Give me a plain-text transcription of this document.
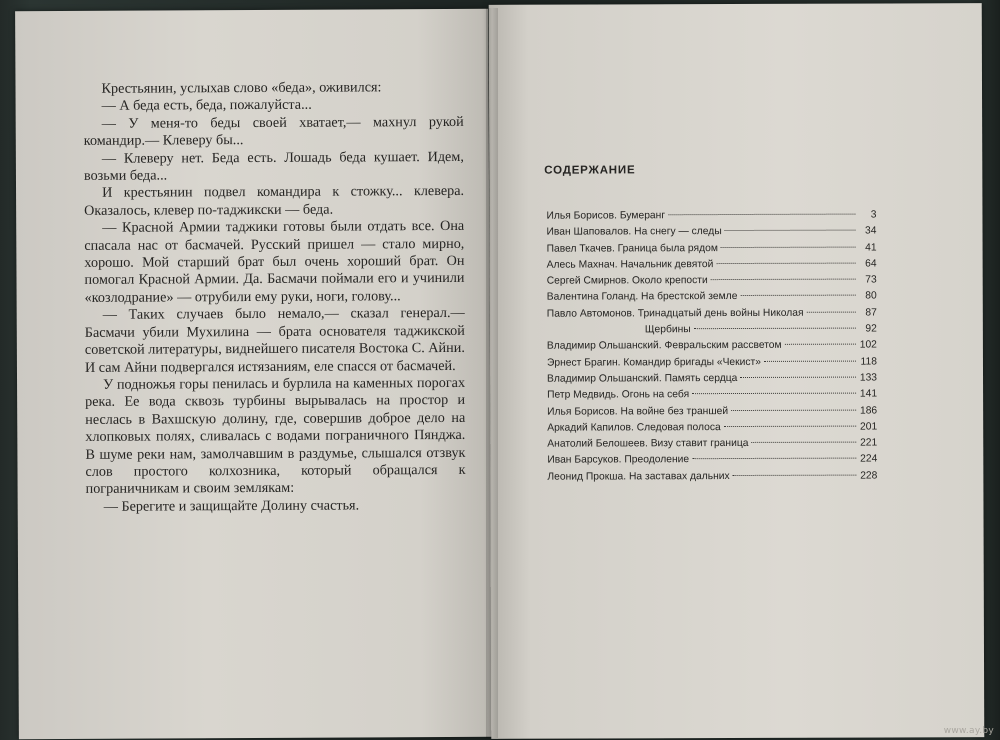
Крестьянин, услыхав слово «беда», оживился:

— А беда есть, беда, пожалуйста...

— У меня-то беды своей хватает,— махнул рукой командир.— Клеверу бы...

— Клеверу нет. Беда есть. Лошадь беда кушает. Идем, возьми беда...

И крестьянин подвел командира к стожку... клевера. Оказалось, клевер по-таджикски — беда.

— Красной Армии таджики готовы были отдать все. Она спасала нас от басмачей. Русский пришел — стало мирно, хорошо. Мой старший брат был очень хороший брат. Он помогал Красной Армии. Да. Басмачи поймали его и учинили «козлодрание» — отрубили ему руки, ноги, голову...

— Таких случаев было немало,— сказал генерал.— Басмачи убили Мухилина — брата основателя таджикской советской литературы, виднейшего писателя Востока С. Айни. И сам Айни подвергался истязаниям, еле спасся от басмачей.

У подножья горы пенилась и бурлила на каменных порогах река. Ее вода сквозь турбины вырывалась на простор и неслась в Вахшскую долину, где, совершив доброе дело на хлопковых полях, сливалась с водами пограничного Пянджа. В шуме реки нам, замолчавшим в раздумье, слышался отзвук слов простого колхозника, который обращался к пограничникам и своим землякам:

— Берегите и защищайте Долину счастья.

СОДЕРЖАНИЕ
Илья Борисов. Бумеранг	3
Иван Шаповалов. На снегу — следы	34
Павел Ткачев. Граница была рядом	41
Алесь Махнач. Начальник девятой	64
Сергей Смирнов. Около крепости	73
Валентина Голанд. На брестской земле	80
Павло Автомонов. Тринадцатый день войны Николая	87
Щербины	92
Владимир Ольшанский. Февральским рассветом	102
Эрнест Брагин. Командир бригады «Чекист»	118
Владимир Ольшанский. Память сердца	133
Петр Медвидь. Огонь на себя	141
Илья Борисов. На войне без траншей	186
Аркадий Капилов. Следовая полоса	201
Анатолий Белошеев. Визу ставит граница	221
Иван Барсуков. Преодоление	224
Леонид Прокша. На заставах дальних	228
www.ay.by
